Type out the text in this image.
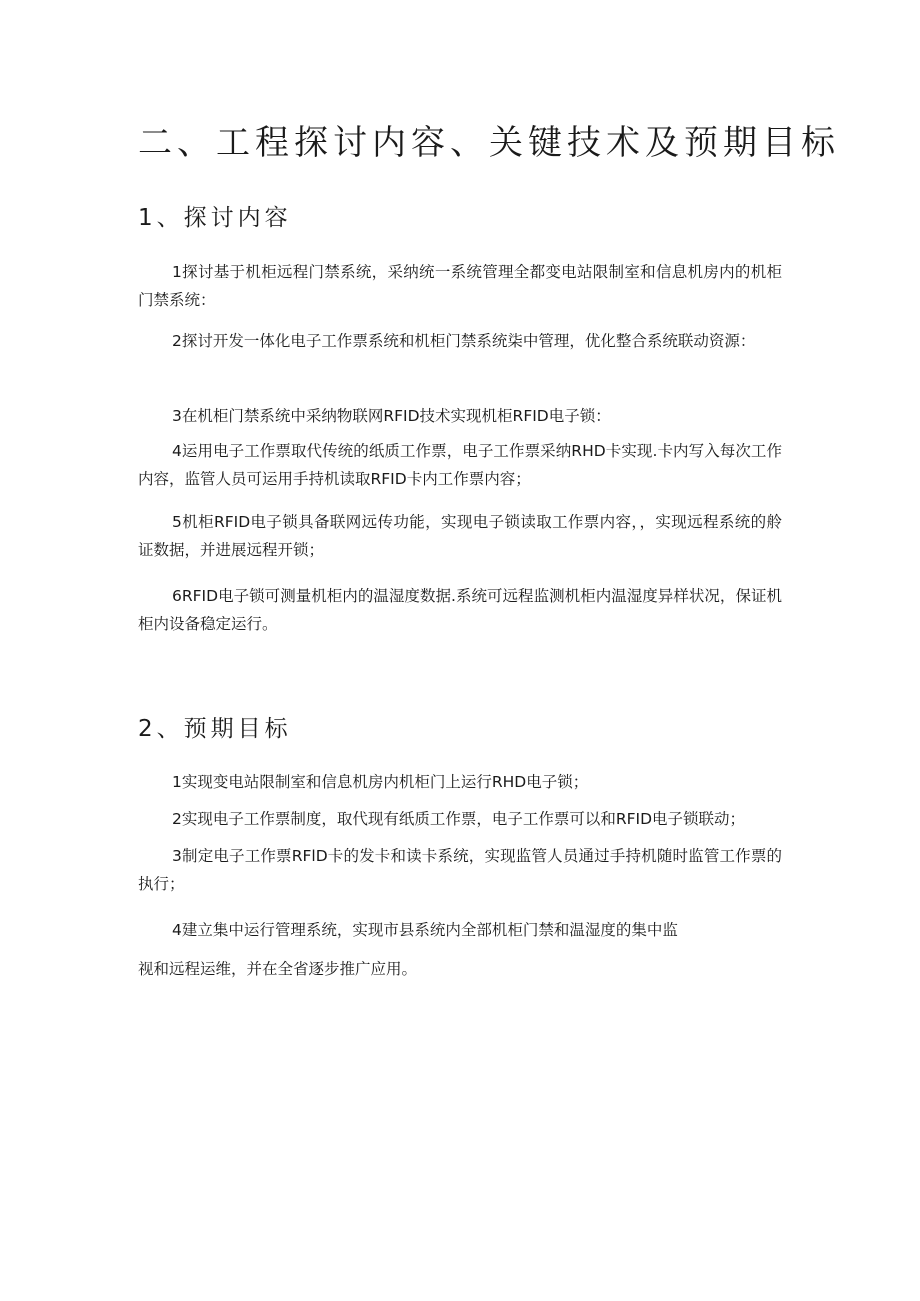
二、工程探讨内容、关键技术及预期目标
1、探讨内容

1探讨基于机柜远程门禁系统，采纳统一系统管理全都变电站限制室和信息机房内的机柜门禁系统：

2探讨开发一体化电子工作票系统和机柜门禁系统柒中管理，优化整合系统联动资源：

3在机柜门禁系统中采纳物联网RFID技术实现机柜RFID电子锁：

4运用电子工作票取代传统的纸质工作票，电子工作票采纳RHD卡实现.卡内写入每次工作内容，监管人员可运用手持机读取RFID卡内工作票内容；

5机柜RFID电子锁具备联网远传功能，实现电子锁读取工作票内容，，实现远程系统的舲证数据，并进展远程开锁；

6RFID电子锁可测量机柜内的温湿度数据.系统可远程监测机柜内温湿度异样状况，保证机柜内设备稳定运行。

2、预期目标

1实现变电站限制室和信息机房内机柜门上运行RHD电子锁；

2实现电子工作票制度，取代现有纸质工作票，电子工作票可以和RFID电子锁联动；

3制定电子工作票RFlD卡的发卡和读卡系统，实现监管人员通过手持机随时监管工作票的执行；

4建立集中运行管理系统，实现市县系统内全部机柜门禁和温湿度的集中监

视和远程运维，并在全省逐步推广应用。
